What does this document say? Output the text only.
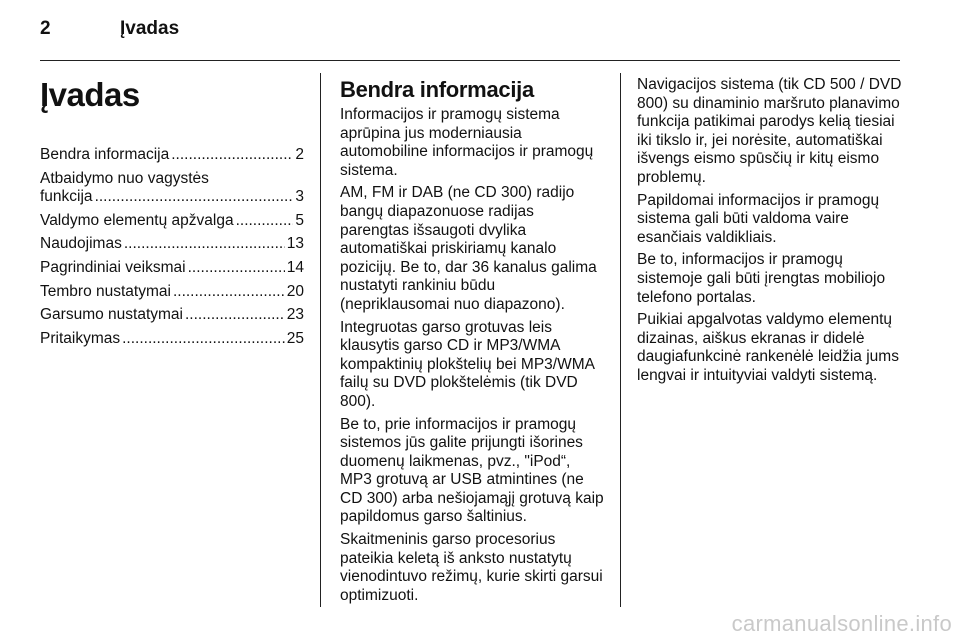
2	Įvadas
Įvadas
Bendra informacija .....	2
Atbaidymo nuo vagystės
funkcija .....	3
Valdymo elementų apžvalga .....	5
Naudojimas .....	13
Pagrindiniai veiksmai .....	14
Tembro nustatymai .....	20
Garsumo nustatymai .....	23
Pritaikymas .....	25
Bendra informacija

Informacijos ir pramogų sistema aprūpina jus moderniausia automobiline informacijos ir pramogų sistema.

AM, FM ir DAB (ne CD 300) radijo bangų diapazonuose radijas parengtas išsaugoti dvylika automatiškai priskiriamų kanalo pozicijų. Be to, dar 36 kanalus galima nustatyti rankiniu būdu (nepriklausomai nuo diapazono).

Integruotas garso grotuvas leis klausytis garso CD ir MP3/WMA kompaktinių plokštelių bei MP3/WMA failų su DVD plokštelėmis (tik DVD 800).

Be to, prie informacijos ir pramogų sistemos jūs galite prijungti išorines duomenų laikmenas, pvz., "iPod“, MP3 grotuvą ar USB atmintines (ne CD 300) arba nešiojamąjį grotuvą kaip papildomus garso šaltinius.

Skaitmeninis garso procesorius pateikia keletą iš anksto nustatytų vienodintuvo režimų, kurie skirti garsui optimizuoti.

Navigacijos sistema (tik CD 500 / DVD 800) su dinaminio maršruto planavimo funkcija patikimai parodys kelią tiesiai iki tikslo ir, jei norėsite, automatiškai išvengs eismo spūsčių ir kitų eismo problemų.

Papildomai informacijos ir pramogų sistema gali būti valdoma vaire esančiais valdikliais.

Be to, informacijos ir pramogų sistemoje gali būti įrengtas mobiliojo telefono portalas.

Puikiai apgalvotas valdymo elementų dizainas, aiškus ekranas ir didelė daugiafunkcinė rankenėlė leidžia jums lengvai ir intuityviai valdyti sistemą.

carmanualsonline.info
